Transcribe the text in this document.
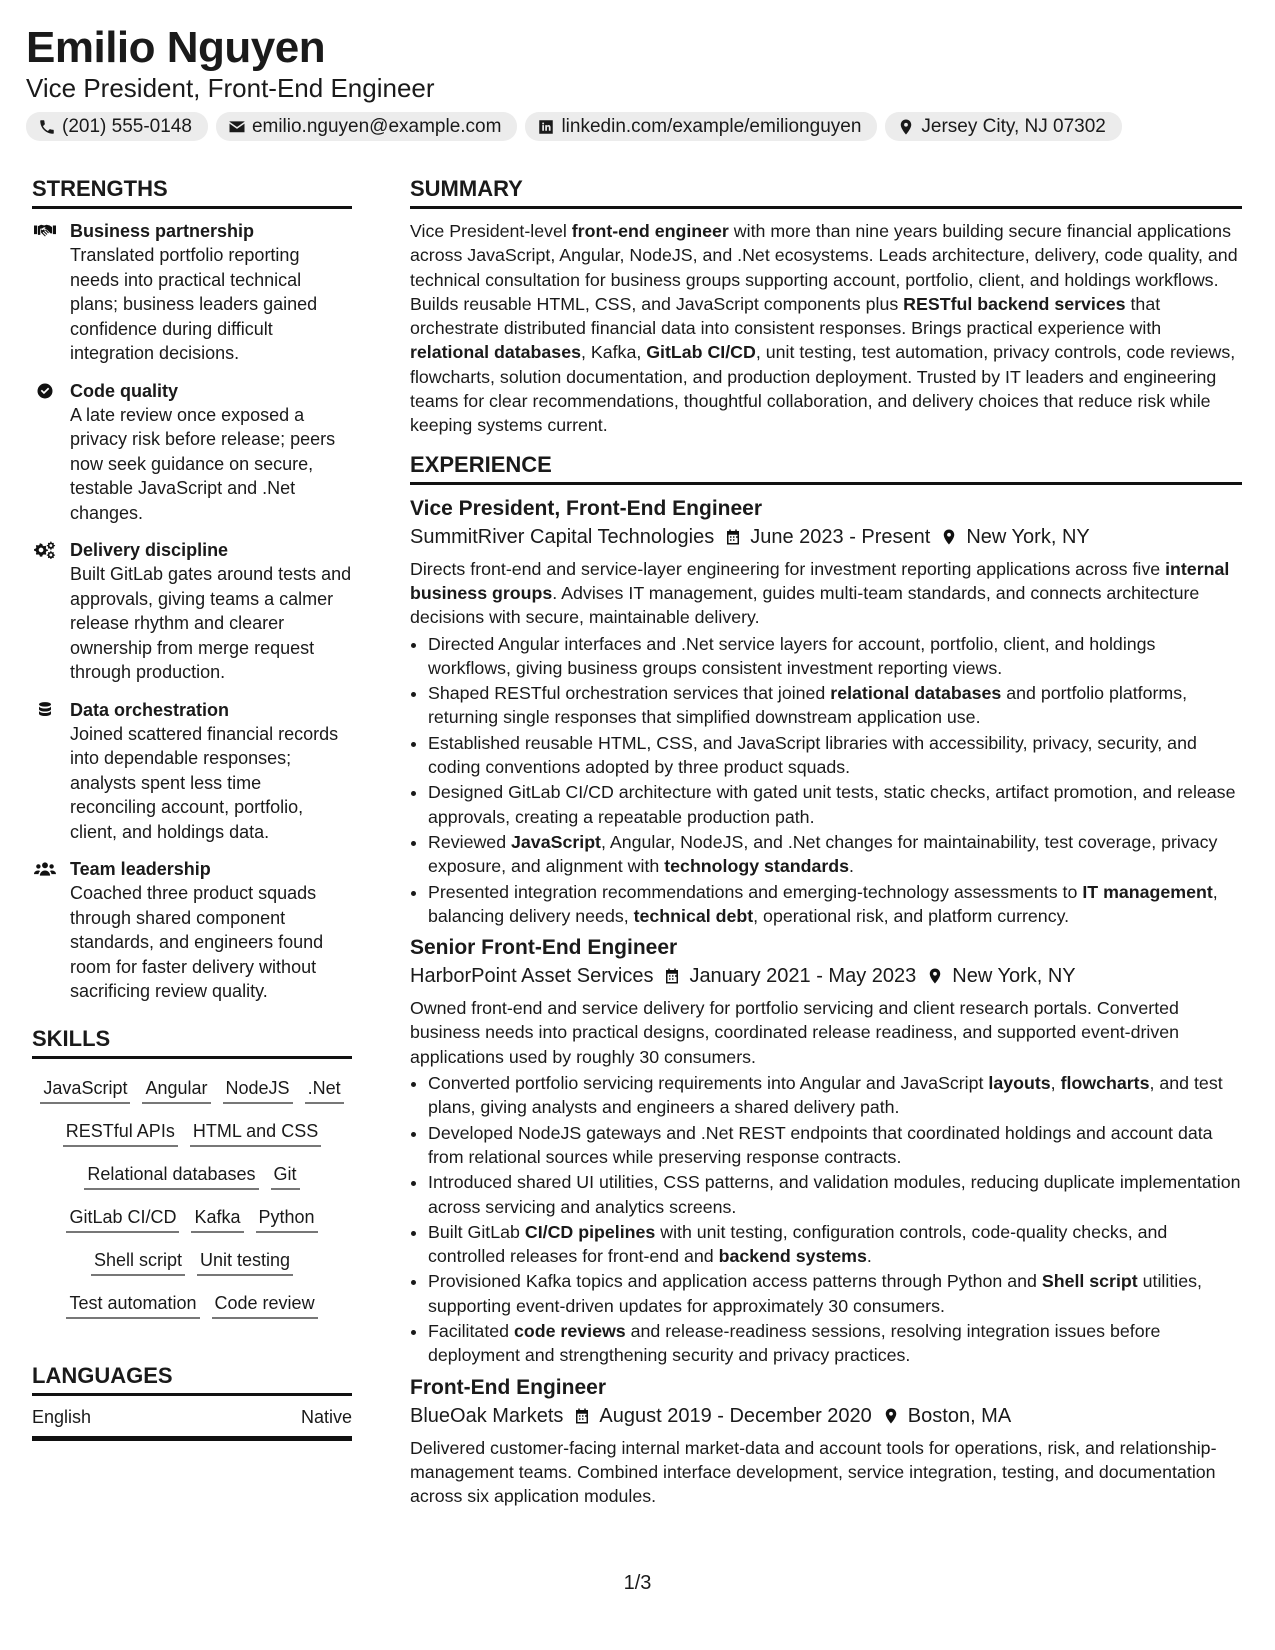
Emilio Nguyen
Vice President, Front-End Engineer
(201) 555-0148	emilio.nguyen@example.com	linkedin.com/example/emilionguyen	Jersey City, NJ 07302
STRENGTHS
Business partnership
Translated portfolio reporting needs into practical technical plans; business leaders gained confidence during difficult integration decisions.
Code quality
A late review once exposed a privacy risk before release; peers now seek guidance on secure, testable JavaScript and .Net changes.
Delivery discipline
Built GitLab gates around tests and approvals, giving teams a calmer release rhythm and clearer ownership from merge request through production.
Data orchestration
Joined scattered financial records into dependable responses; analysts spent less time reconciling account, portfolio, client, and holdings data.
Team leadership
Coached three product squads through shared component standards, and engineers found room for faster delivery without sacrificing review quality.
SKILLS
JavaScript Angular NodeJS .Net
RESTful APIs HTML and CSS
Relational databases Git
GitLab CI/CD Kafka Python
Shell script Unit testing
Test automation Code review
LANGUAGES
English	Native
SUMMARY
Vice President-level front-end engineer with more than nine years building secure financial applications across JavaScript, Angular, NodeJS, and .Net ecosystems. Leads architecture, delivery, code quality, and technical consultation for business groups supporting account, portfolio, client, and holdings workflows. Builds reusable HTML, CSS, and JavaScript components plus RESTful backend services that orchestrate distributed financial data into consistent responses. Brings practical experience with relational databases, Kafka, GitLab CI/CD, unit testing, test automation, privacy controls, code reviews, flowcharts, solution documentation, and production deployment. Trusted by IT leaders and engineering teams for clear recommendations, thoughtful collaboration, and delivery choices that reduce risk while keeping systems current.
EXPERIENCE
Vice President, Front-End Engineer
SummitRiver Capital Technologies June 2023 - Present New York, NY
Directs front-end and service-layer engineering for investment reporting applications across five internal business groups. Advises IT management, guides multi-team standards, and connects architecture decisions with secure, maintainable delivery.
• Directed Angular interfaces and .Net service layers for account, portfolio, client, and holdings workflows, giving business groups consistent investment reporting views.
• Shaped RESTful orchestration services that joined relational databases and portfolio platforms, returning single responses that simplified downstream application use.
• Established reusable HTML, CSS, and JavaScript libraries with accessibility, privacy, security, and coding conventions adopted by three product squads.
• Designed GitLab CI/CD architecture with gated unit tests, static checks, artifact promotion, and release approvals, creating a repeatable production path.
• Reviewed JavaScript, Angular, NodeJS, and .Net changes for maintainability, test coverage, privacy exposure, and alignment with technology standards.
• Presented integration recommendations and emerging-technology assessments to IT management, balancing delivery needs, technical debt, operational risk, and platform currency.
Senior Front-End Engineer
HarborPoint Asset Services January 2021 - May 2023 New York, NY
Owned front-end and service delivery for portfolio servicing and client research portals. Converted business needs into practical designs, coordinated release readiness, and supported event-driven applications used by roughly 30 consumers.
• Converted portfolio servicing requirements into Angular and JavaScript layouts, flowcharts, and test plans, giving analysts and engineers a shared delivery path.
• Developed NodeJS gateways and .Net REST endpoints that coordinated holdings and account data from relational sources while preserving response contracts.
• Introduced shared UI utilities, CSS patterns, and validation modules, reducing duplicate implementation across servicing and analytics screens.
• Built GitLab CI/CD pipelines with unit testing, configuration controls, code-quality checks, and controlled releases for front-end and backend systems.
• Provisioned Kafka topics and application access patterns through Python and Shell script utilities, supporting event-driven updates for approximately 30 consumers.
• Facilitated code reviews and release-readiness sessions, resolving integration issues before deployment and strengthening security and privacy practices.
Front-End Engineer
BlueOak Markets August 2019 - December 2020 Boston, MA
Delivered customer-facing internal market-data and account tools for operations, risk, and relationship-management teams. Combined interface development, service integration, testing, and documentation across six application modules.
1/3
